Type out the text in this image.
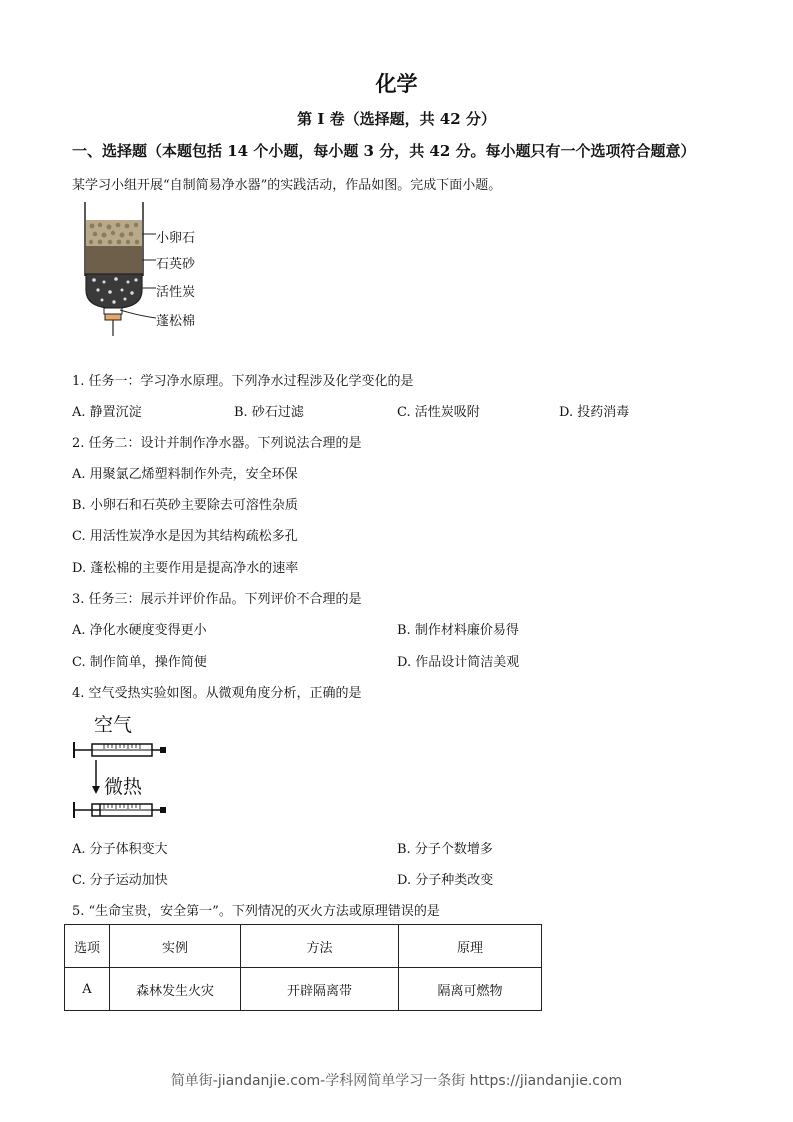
化学
第 I 卷（选择题，共 42 分）
一、选择题（本题包括 14 个小题，每小题 3 分，共 42 分。每小题只有一个选项符合题意）
某学习小组开展“自制简易净水器”的实践活动，作品如图。完成下面小题。
小卵石
石英砂
活性炭
蓬松棉
1. 任务一：学习净水原理。下列净水过程涉及化学变化的是
A. 静置沉淀	B. 砂石过滤	C. 活性炭吸附	D. 投药消毒
2. 任务二：设计并制作净水器。下列说法合理的是
A. 用聚氯乙烯塑料制作外壳，安全环保
B. 小卵石和石英砂主要除去可溶性杂质
C. 用活性炭净水是因为其结构疏松多孔
D. 蓬松棉的主要作用是提高净水的速率
3. 任务三：展示并评价作品。下列评价不合理的是
A. 净化水硬度变得更小	B. 制作材料廉价易得
C. 制作简单，操作简便	D. 作品设计简洁美观
4. 空气受热实验如图。从微观角度分析，正确的是
空气
微热
A. 分子体积变大	B. 分子个数增多
C. 分子运动加快	D. 分子种类改变
5. “生命宝贵，安全第一”。下列情况的灭火方法或原理错误的是
选项	实例	方法	原理
A	森林发生火灾	开辟隔离带	隔离可燃物
简单街-jiandanjie.com-学科网简单学习一条街 https://jiandanjie.com
